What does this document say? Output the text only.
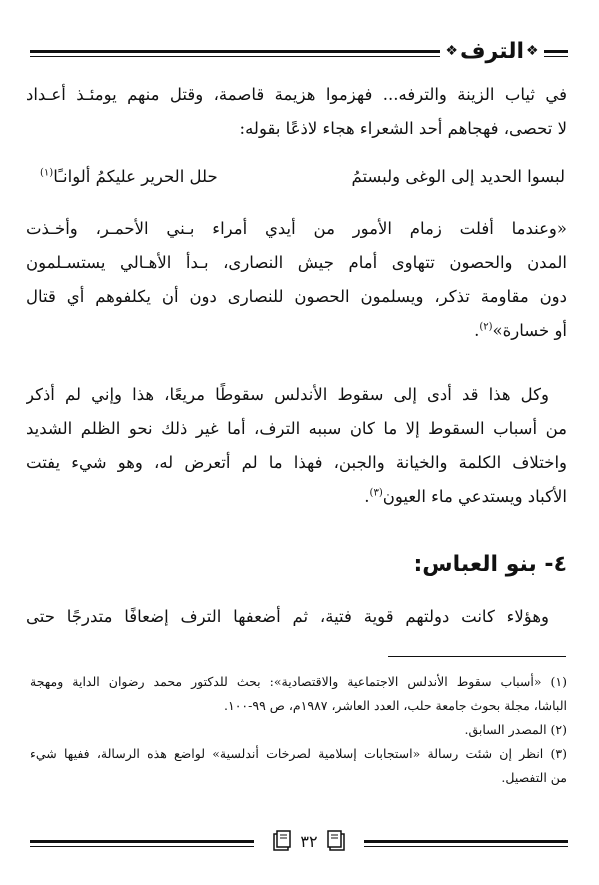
❖ الترف ❖
في ثياب الزينة والترفه... فهزموا هزيمة قاصمة، وقتل منهم يومئـذ أعـداد
لا تحصى، فهجاهم أحد الشعراء هجاء لاذعًا بقوله:
لبسوا الحديد إلى الوغى ولبستمُ
حلل الحرير عليكمُ ألوانـًا$^{(١)}$
«وعندما أفلت زمام الأمور من أيدي أمراء بـني الأحمـر، وأخـذت
المدن والحصون تتهاوى أمام جيش النصارى، بـدأ الأهـالي يستسـلمون
دون مقاومة تذكر، ويسلمون الحصون للنصارى دون أن يكلفوهم أي قتال
أو خسارة»$^{(٢)}$.
وكل هذا قد أدى إلى سقوط الأندلس سقوطًا مريعًا، هذا وإني لم أذكر
من أسباب السقوط إلا ما كان سببه الترف، أما غير ذلك نحو الظلم الشديد
واختلاف الكلمة والخيانة والجبن، فهذا ما لم أتعرض له، وهو شيء يفتت
الأكباد ويستدعي ماء العيون$^{(٣)}$.
٤- بنو العباس:
وهؤلاء كانت دولتهم قوية فتية، ثم أضعفها الترف إضعافًا متدرجًا حتى
(١) «أسباب سقوط الأندلس الاجتماعية والاقتصادية»: بحث للدكتور محمد رضوان الداية ومهجة
الباشا، مجلة بحوث جامعة حلب، العدد العاشر، ١٩٨٧م، ص ٩٩-١٠٠.
(٢) المصدر السابق.
(٣) انظر إن شئت رسالة «استجابات إسلامية لصرخات أندلسية» لواضع هذه الرسالة، ففيها شيء
من التفصيل.
٣٢
